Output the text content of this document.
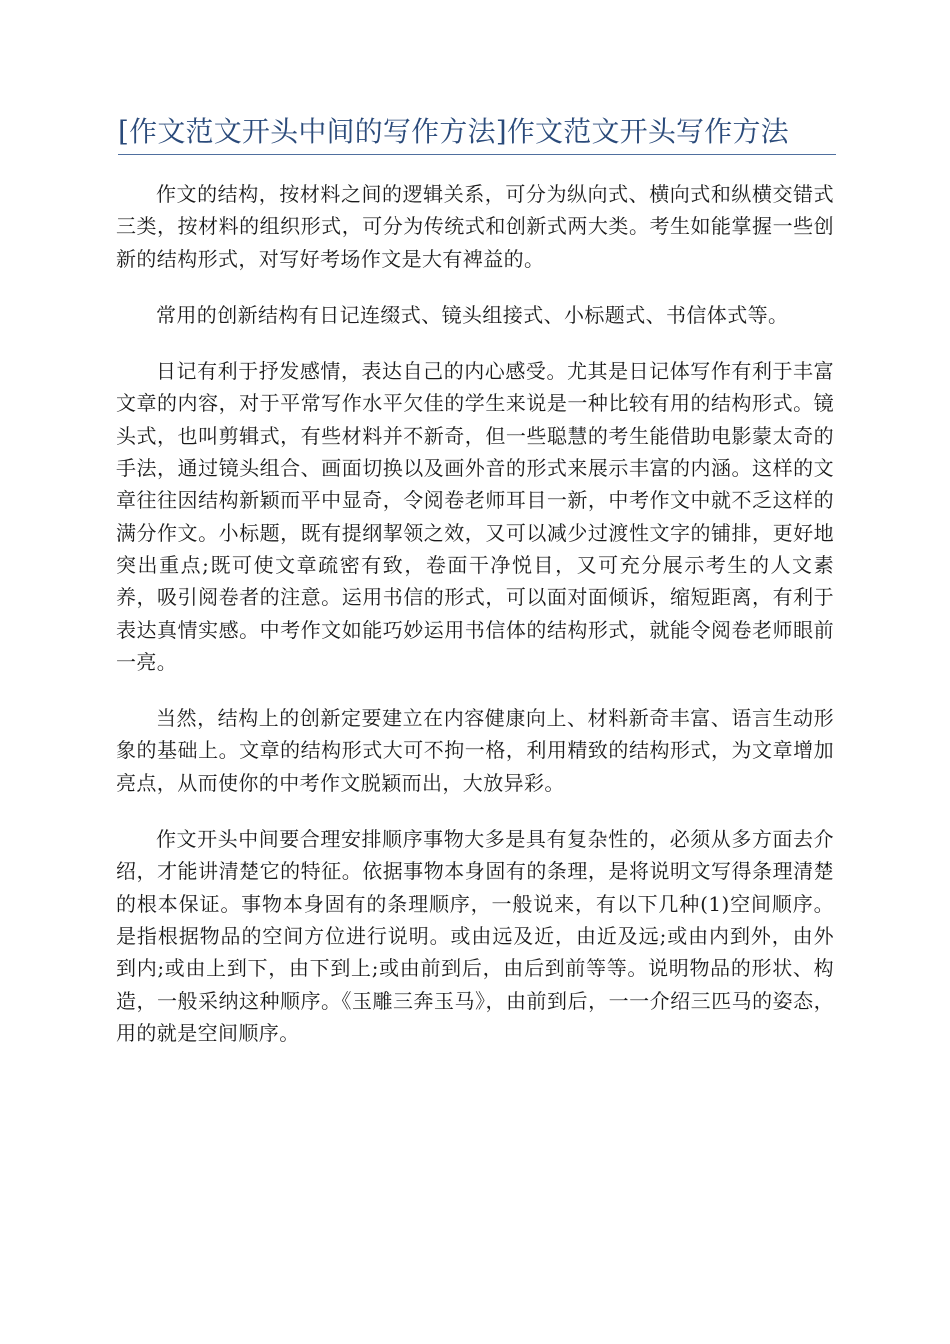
[作文范文开头中间的写作方法]作文范文开头写作方法

作文的结构，按材料之间的逻辑关系，可分为纵向式、横向式和纵横交错式三类，按材料的组织形式，可分为传统式和创新式两大类。考生如能掌握一些创新的结构形式，对写好考场作文是大有裨益的。

常用的创新结构有日记连缀式、镜头组接式、小标题式、书信体式等。

日记有利于抒发感情，表达自己的内心感受。尤其是日记体写作有利于丰富文章的内容，对于平常写作水平欠佳的学生来说是一种比较有用的结构形式。镜头式，也叫剪辑式，有些材料并不新奇，但一些聪慧的考生能借助电影蒙太奇的手法，通过镜头组合、画面切换以及画外音的形式来展示丰富的内涵。这样的文章往往因结构新颖而平中显奇，令阅卷老师耳目一新，中考作文中就不乏这样的满分作文。小标题，既有提纲挈领之效，又可以减少过渡性文字的铺排，更好地突出重点;既可使文章疏密有致，卷面干净悦目，又可充分展示考生的人文素养，吸引阅卷者的注意。运用书信的形式，可以面对面倾诉，缩短距离，有利于表达真情实感。中考作文如能巧妙运用书信体的结构形式，就能令阅卷老师眼前一亮。

当然，结构上的创新定要建立在内容健康向上、材料新奇丰富、语言生动形象的基础上。文章的结构形式大可不拘一格，利用精致的结构形式，为文章增加亮点，从而使你的中考作文脱颖而出，大放异彩。

作文开头中间要合理安排顺序事物大多是具有复杂性的，必须从多方面去介绍，才能讲清楚它的特征。依据事物本身固有的条理，是将说明文写得条理清楚的根本保证。事物本身固有的条理顺序，一般说来，有以下几种(1)空间顺序。是指根据物品的空间方位进行说明。或由远及近，由近及远;或由内到外，由外到内;或由上到下，由下到上;或由前到后，由后到前等等。说明物品的形状、构造，一般采纳这种顺序。《玉雕三奔玉马》，由前到后，一一介绍三匹马的姿态，用的就是空间顺序。
